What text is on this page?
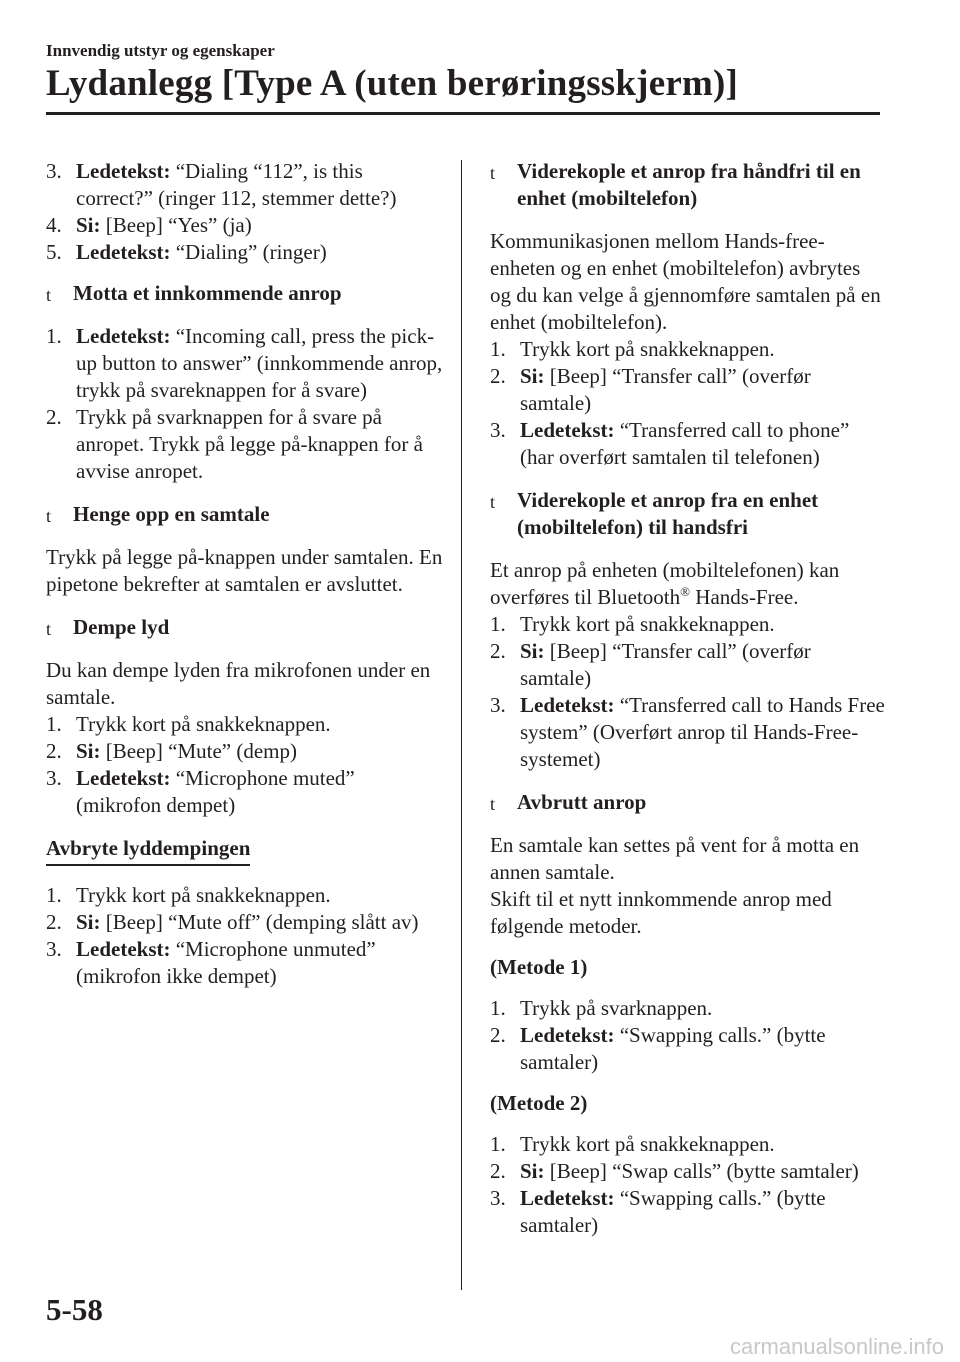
Innvendig utstyr og egenskaper
Lydanlegg [Type A (uten berøringsskjerm)]
3. Ledetekst: “Dialing “112”, is this correct?” (ringer 112, stemmer dette?)
4. Si: [Beep] “Yes” (ja)
5. Ledetekst: “Dialing” (ringer)
t	Motta et innkommende anrop
1. Ledetekst: “Incoming call, press the pick-up button to answer” (innkommende anrop, trykk på svareknappen for å svare)
2. Trykk på svarknappen for å svare på anropet. Trykk på legge på-knappen for å avvise anropet.
t	Henge opp en samtale

Trykk på legge på-knappen under samtalen. En pipetone bekrefter at samtalen er avsluttet.

t	Dempe lyd

Du kan dempe lyden fra mikrofonen under en samtale.

1. Trykk kort på snakkeknappen.
2. Si: [Beep] “Mute” (demp)
3. Ledetekst: “Microphone muted” (mikrofon dempet)
Avbryte lyddempingen
1. Trykk kort på snakkeknappen.
2. Si: [Beep] “Mute off” (demping slått av)
3. Ledetekst: “Microphone unmuted” (mikrofon ikke dempet)
t	Viderekople et anrop fra håndfri til en enhet (mobiltelefon)

Kommunikasjonen mellom Hands-free-enheten og en enhet (mobiltelefon) avbrytes og du kan velge å gjennomføre samtalen på en enhet (mobiltelefon).

1. Trykk kort på snakkeknappen.
2. Si: [Beep] “Transfer call” (overfør samtale)
3. Ledetekst: “Transferred call to phone” (har overført samtalen til telefonen)
t	Viderekople et anrop fra en enhet (mobiltelefon) til handsfri

Et anrop på enheten (mobiltelefonen) kan overføres til Bluetooth® Hands-Free.

1. Trykk kort på snakkeknappen.
2. Si: [Beep] “Transfer call” (overfør samtale)
3. Ledetekst: “Transferred call to Hands Free system” (Overført anrop til Hands-Free-systemet)
t	Avbrutt anrop

En samtale kan settes på vent for å motta en annen samtale.

Skift til et nytt innkommende anrop med følgende metoder.

(Metode 1)

1. Trykk på svarknappen.
2. Ledetekst: “Swapping calls.” (bytte samtaler)

(Metode 2)

1. Trykk kort på snakkeknappen.
2. Si: [Beep] “Swap calls” (bytte samtaler)
3. Ledetekst: “Swapping calls.” (bytte samtaler)
5-58
carmanualsonline.info
